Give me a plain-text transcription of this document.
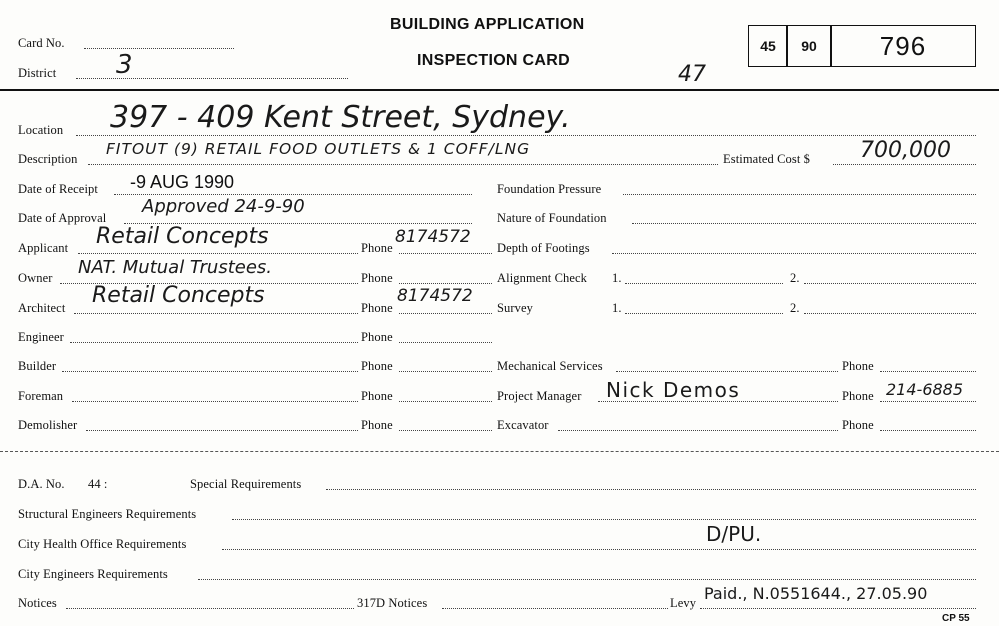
Card No.
District 3
BUILDING APPLICATION
INSPECTION CARD
45	90	796
47
Location 397 - 409 Kent Street, Sydney.
Description
FITOUT (9) RETAIL FOOD OUTLETS & 1 COFF/LNG
Estimated Cost $ 700,000
Date of Receipt -9 AUG 1990
Date of Approval
Approved 24-9-90
Applicant Retail Concepts	Phone
8174572
Owner NAT. Mutual Trustees.	Phone
Architect Retail Concepts	Phone
8174572
Engineer	Phone
Builder	Phone
Foreman	Phone
Demolisher	Phone
Foundation Pressure
Nature of Foundation
Depth of Footings
Alignment Check 1.	2.
Survey	1.	2.
Mechanical Services	Phone
Project Manager Nick Demos	Phone 214-6885
Excavator	Phone
D.A. No. 44 :	Special Requirements
Structural Engineers Requirements
City Health Office Requirements	D/PU.
City Engineers Requirements
Notices	317D Notices	Levy Paid., N.0551644., 27.05.90
CP 55
